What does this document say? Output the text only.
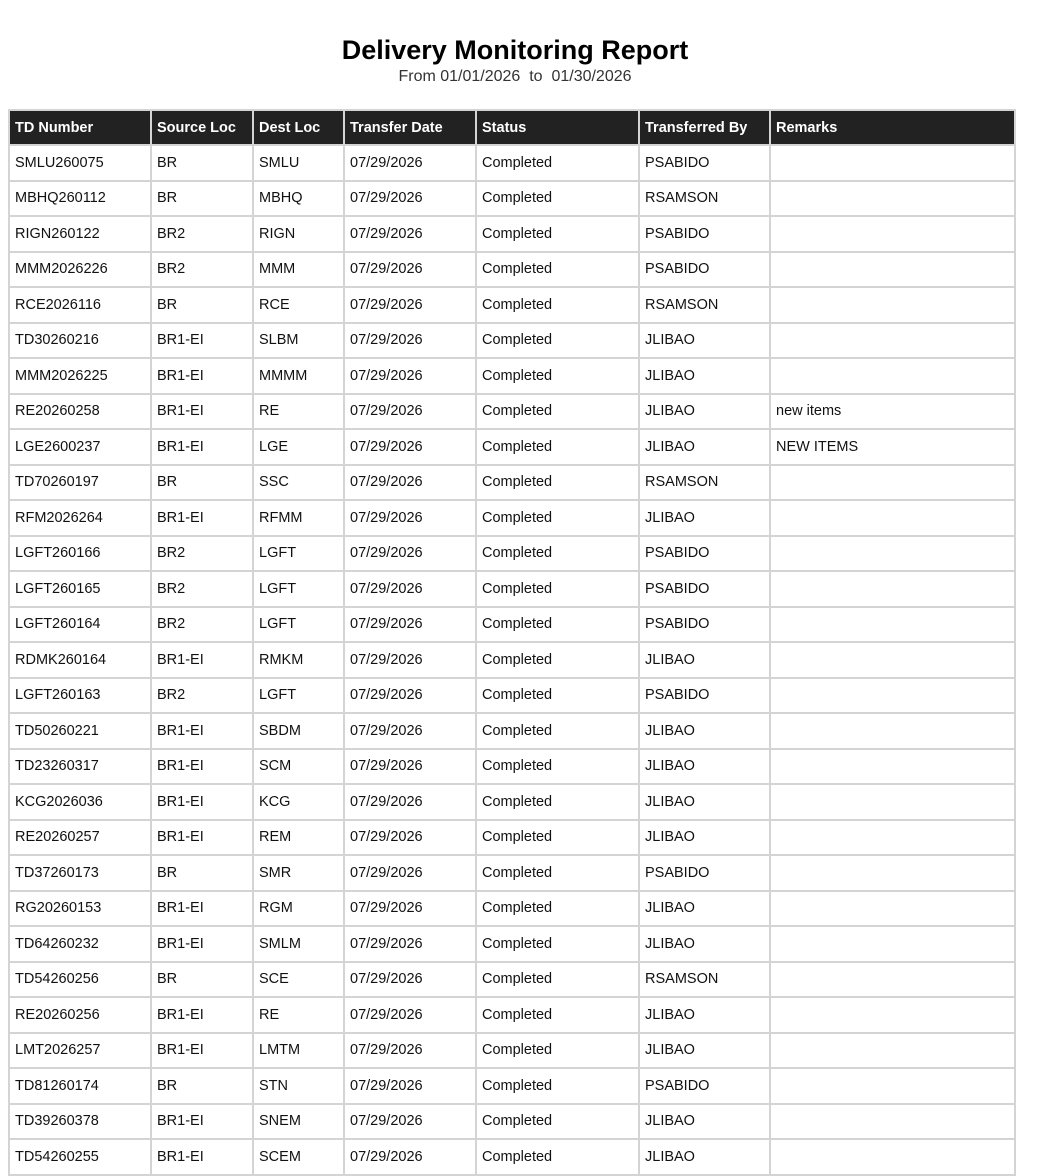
Delivery Monitoring Report
From 01/01/2026  to  01/30/2026
TD Number	Source Loc	Dest Loc	Transfer Date	Status	Transferred By	Remarks
SMLU260075	BR	SMLU	07/29/2026	Completed	PSABIDO	
MBHQ260112	BR	MBHQ	07/29/2026	Completed	RSAMSON	
RIGN260122	BR2	RIGN	07/29/2026	Completed	PSABIDO	
MMM2026226	BR2	MMM	07/29/2026	Completed	PSABIDO	
RCE2026116	BR	RCE	07/29/2026	Completed	RSAMSON	
TD30260216	BR1-EI	SLBM	07/29/2026	Completed	JLIBAO	
MMM2026225	BR1-EI	MMMM	07/29/2026	Completed	JLIBAO	
RE20260258	BR1-EI	RE	07/29/2026	Completed	JLIBAO	new items
LGE2600237	BR1-EI	LGE	07/29/2026	Completed	JLIBAO	NEW ITEMS
TD70260197	BR	SSC	07/29/2026	Completed	RSAMSON	
RFM2026264	BR1-EI	RFMM	07/29/2026	Completed	JLIBAO	
LGFT260166	BR2	LGFT	07/29/2026	Completed	PSABIDO	
LGFT260165	BR2	LGFT	07/29/2026	Completed	PSABIDO	
LGFT260164	BR2	LGFT	07/29/2026	Completed	PSABIDO	
RDMK260164	BR1-EI	RMKM	07/29/2026	Completed	JLIBAO	
LGFT260163	BR2	LGFT	07/29/2026	Completed	PSABIDO	
TD50260221	BR1-EI	SBDM	07/29/2026	Completed	JLIBAO	
TD23260317	BR1-EI	SCM	07/29/2026	Completed	JLIBAO	
KCG2026036	BR1-EI	KCG	07/29/2026	Completed	JLIBAO	
RE20260257	BR1-EI	REM	07/29/2026	Completed	JLIBAO	
TD37260173	BR	SMR	07/29/2026	Completed	PSABIDO	
RG20260153	BR1-EI	RGM	07/29/2026	Completed	JLIBAO	
TD64260232	BR1-EI	SMLM	07/29/2026	Completed	JLIBAO	
TD54260256	BR	SCE	07/29/2026	Completed	RSAMSON	
RE20260256	BR1-EI	RE	07/29/2026	Completed	JLIBAO	
LMT2026257	BR1-EI	LMTM	07/29/2026	Completed	JLIBAO	
TD81260174	BR	STN	07/29/2026	Completed	PSABIDO	
TD39260378	BR1-EI	SNEM	07/29/2026	Completed	JLIBAO	
TD54260255	BR1-EI	SCEM	07/29/2026	Completed	JLIBAO	
